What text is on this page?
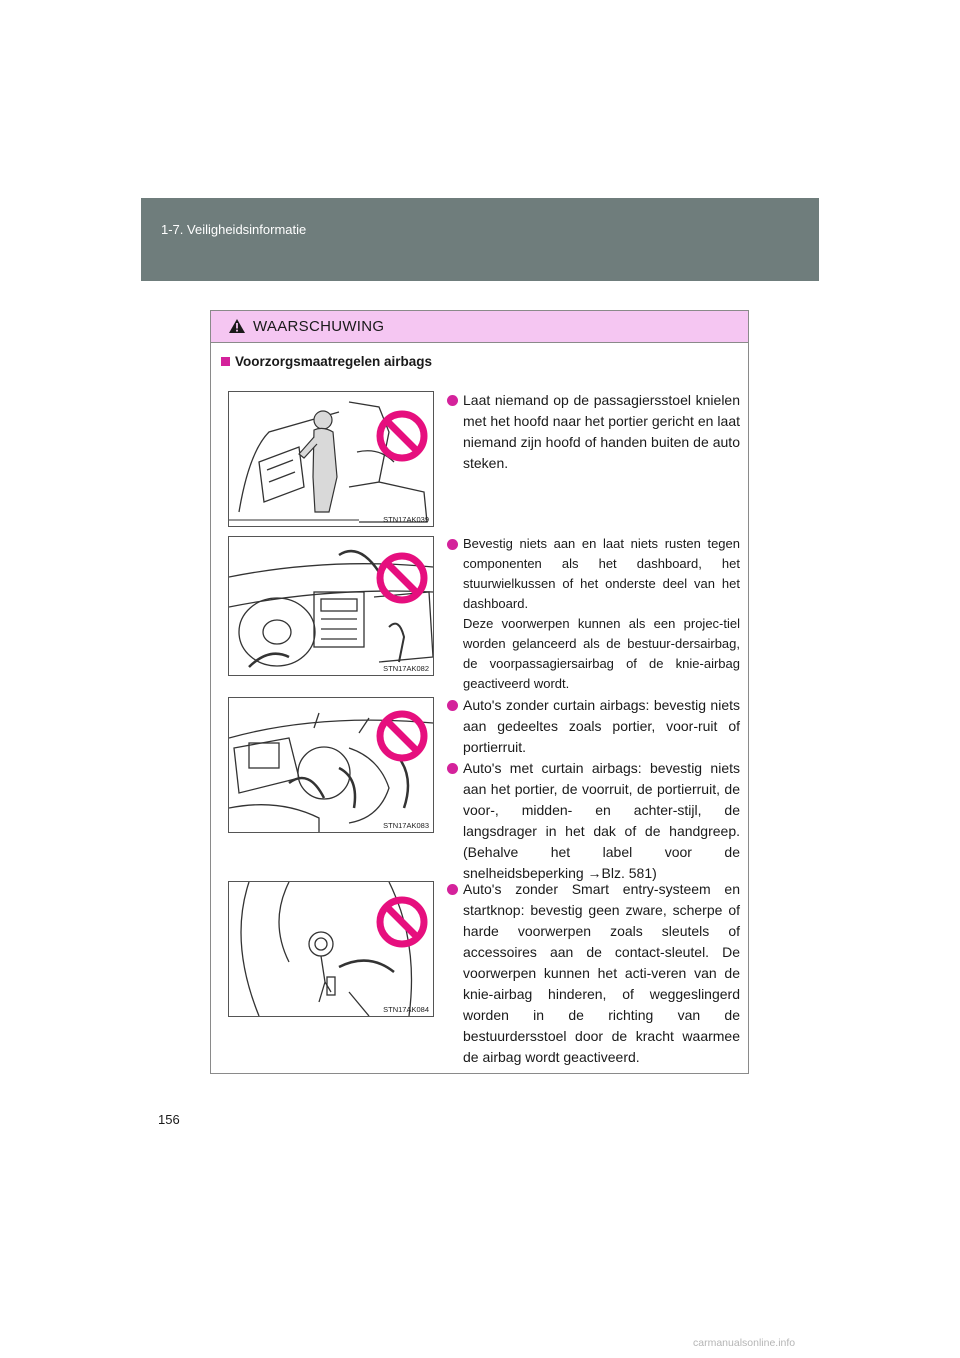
1-7. Veiligheidsinformatie
WAARSCHUWING
Voorzorgsmaatregelen airbags
STN17AK039
STN17AK082
STN17AK083
STN17AK084
Laat niemand op de passagiersstoel knielen met het hoofd naar het portier gericht en laat niemand zijn hoofd of handen buiten de auto steken.
Bevestig niets aan en laat niets rusten tegen componenten als het dashboard, het stuurwielkussen of het onderste deel van het dashboard.
Deze voorwerpen kunnen als een projec-tiel worden gelanceerd als de bestuur-dersairbag, de voorpassagiersairbag of de knie-airbag geactiveerd wordt.
Auto's zonder curtain airbags: bevestig niets aan gedeeltes zoals portier, voor-ruit of portierruit.
Auto's met curtain airbags: bevestig niets aan het portier, de voorruit, de portierruit, de voor-, midden- en achter-stijl, de langsdrager in het dak of de handgreep. (Behalve het label voor de snelheidsbeperking →Blz. 581)
Auto's zonder Smart entry-systeem en startknop: bevestig geen zware, scherpe of harde voorwerpen zoals sleutels of accessoires aan de contact-sleutel. De voorwerpen kunnen het acti-veren van de knie-airbag hinderen, of weggeslingerd worden in de richting van de bestuurdersstoel door de kracht waarmee de airbag wordt geactiveerd.
156
carmanualsonline.info
